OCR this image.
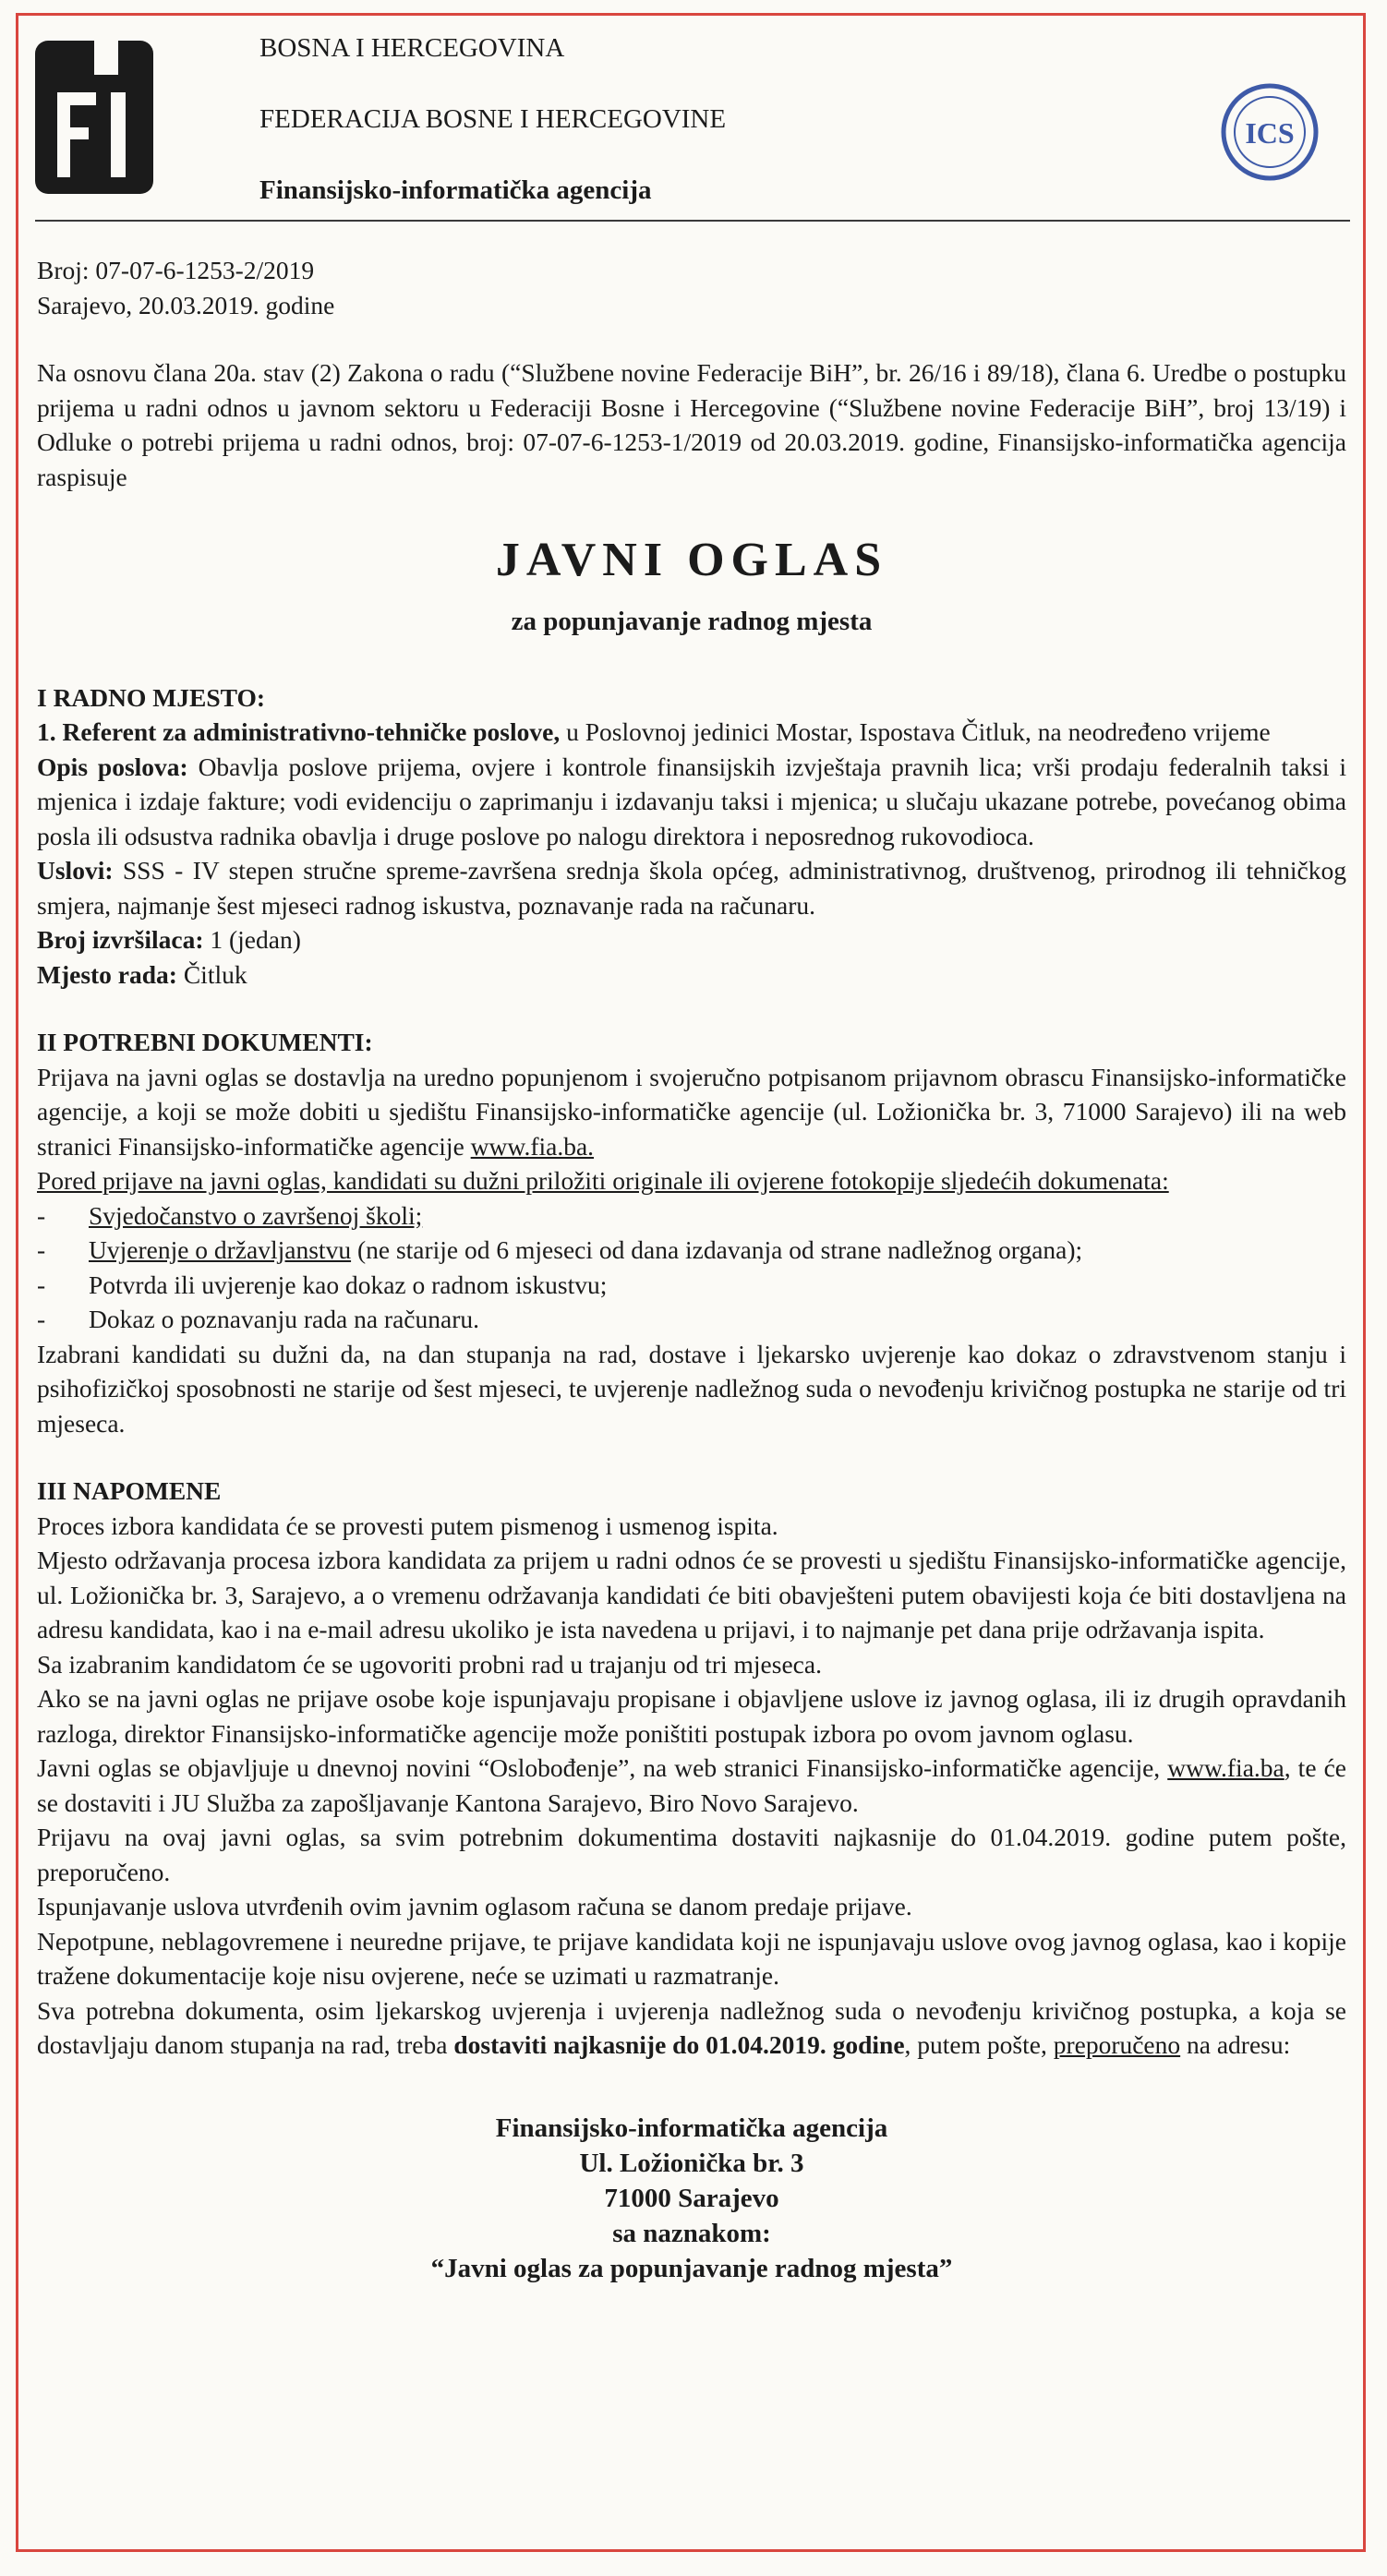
ICS
BOSNA I HERCEGOVINA
FEDERACIJA BOSNE I HERCEGOVINE
Finansijsko-informatička agencija

Broj: 07-07-6-1253-2/2019

Sarajevo, 20.03.2019. godine

Na osnovu člana 20a. stav (2) Zakona o radu (“Službene novine Federacije BiH”, br. 26/16 i 89/18), člana 6. Uredbe o postupku prijema u radni odnos u javnom sektoru u Federaciji Bosne i Hercegovine (“Službene novine Federacije BiH”, broj 13/19) i Odluke o potrebi prijema u radni odnos, broj: 07-07-6-1253-1/2019 od 20.03.2019. godine, Finansijsko-informatička agencija raspisuje

JAVNI OGLAS
za popunjavanje radnog mjesta

I RADNO MJESTO:

1. Referent za administrativno-tehničke poslove, u Poslovnoj jedinici Mostar, Ispostava Čitluk, na neodređeno vrijeme

Opis poslova: Obavlja poslove prijema, ovjere i kontrole finansijskih izvještaja pravnih lica; vrši prodaju federalnih taksi i mjenica i izdaje fakture; vodi evidenciju o zaprimanju i izdavanju taksi i mjenica; u slučaju ukazane potrebe, povećanog obima posla ili odsustva radnika obavlja i druge poslove po nalogu direktora i neposrednog rukovodioca.

Uslovi: SSS - IV stepen stručne spreme-završena srednja škola općeg, administrativnog, društvenog, prirodnog ili tehničkog smjera, najmanje šest mjeseci radnog iskustva, poznavanje rada na računaru.

Broj izvršilaca: 1 (jedan)

Mjesto rada: Čitluk

II POTREBNI DOKUMENTI:

Prijava na javni oglas se dostavlja na uredno popunjenom i svojeručno potpisanom prijavnom obrascu Finansijsko-informatičke agencije, a koji se može dobiti u sjedištu Finansijsko-informatičke agencije (ul. Ložionička br. 3, 71000 Sarajevo) ili na web stranici Finansijsko-informatičke agencije www.fia.ba.

Pored prijave na javni oglas, kandidati su dužni priložiti originale ili ovjerene fotokopije sljedećih dokumenata:

-	Svjedočanstvo o završenoj školi;
-	Uvjerenje o državljanstvu (ne starije od 6 mjeseci od dana izdavanja od strane nadležnog organa);
-	Potvrda ili uvjerenje kao dokaz o radnom iskustvu;
-	Dokaz o poznavanju rada na računaru.

Izabrani kandidati su dužni da, na dan stupanja na rad, dostave i ljekarsko uvjerenje kao dokaz o zdravstvenom stanju i psihofizičkoj sposobnosti ne starije od šest mjeseci, te uvjerenje nadležnog suda o nevođenju krivičnog postupka ne starije od tri mjeseca.

III NAPOMENE

Proces izbora kandidata će se provesti putem pismenog i usmenog ispita.

Mjesto održavanja procesa izbora kandidata za prijem u radni odnos će se provesti u sjedištu Finansijsko-informatičke agencije, ul. Ložionička br. 3, Sarajevo, a o vremenu održavanja kandidati će biti obavješteni putem obavijesti koja će biti dostavljena na adresu kandidata, kao i na e-mail adresu ukoliko je ista navedena u prijavi, i to najmanje pet dana prije održavanja ispita.

Sa izabranim kandidatom će se ugovoriti probni rad u trajanju od tri mjeseca.

Ako se na javni oglas ne prijave osobe koje ispunjavaju propisane i objavljene uslove iz javnog oglasa, ili iz drugih opravdanih razloga, direktor Finansijsko-informatičke agencije može poništiti postupak izbora po ovom javnom oglasu.

Javni oglas se objavljuje u dnevnoj novini “Oslobođenje”, na web stranici Finansijsko-informatičke agencije, www.fia.ba, te će se dostaviti i JU Služba za zapošljavanje Kantona Sarajevo, Biro Novo Sarajevo.

Prijavu na ovaj javni oglas, sa svim potrebnim dokumentima dostaviti najkasnije do 01.04.2019. godine putem pošte, preporučeno.

Ispunjavanje uslova utvrđenih ovim javnim oglasom računa se danom predaje prijave.

Nepotpune, neblagovremene i neuredne prijave, te prijave kandidata koji ne ispunjavaju uslove ovog javnog oglasa, kao i kopije tražene dokumentacije koje nisu ovjerene, neće se uzimati u razmatranje.

Sva potrebna dokumenta, osim ljekarskog uvjerenja i uvjerenja nadležnog suda o nevođenju krivičnog postupka, a koja se dostavljaju danom stupanja na rad, treba dostaviti najkasnije do 01.04.2019. godine, putem pošte, preporučeno na adresu:

Finansijsko-informatička agencija
Ul. Ložionička br. 3
71000 Sarajevo
sa naznakom:
“Javni oglas za popunjavanje radnog mjesta”
